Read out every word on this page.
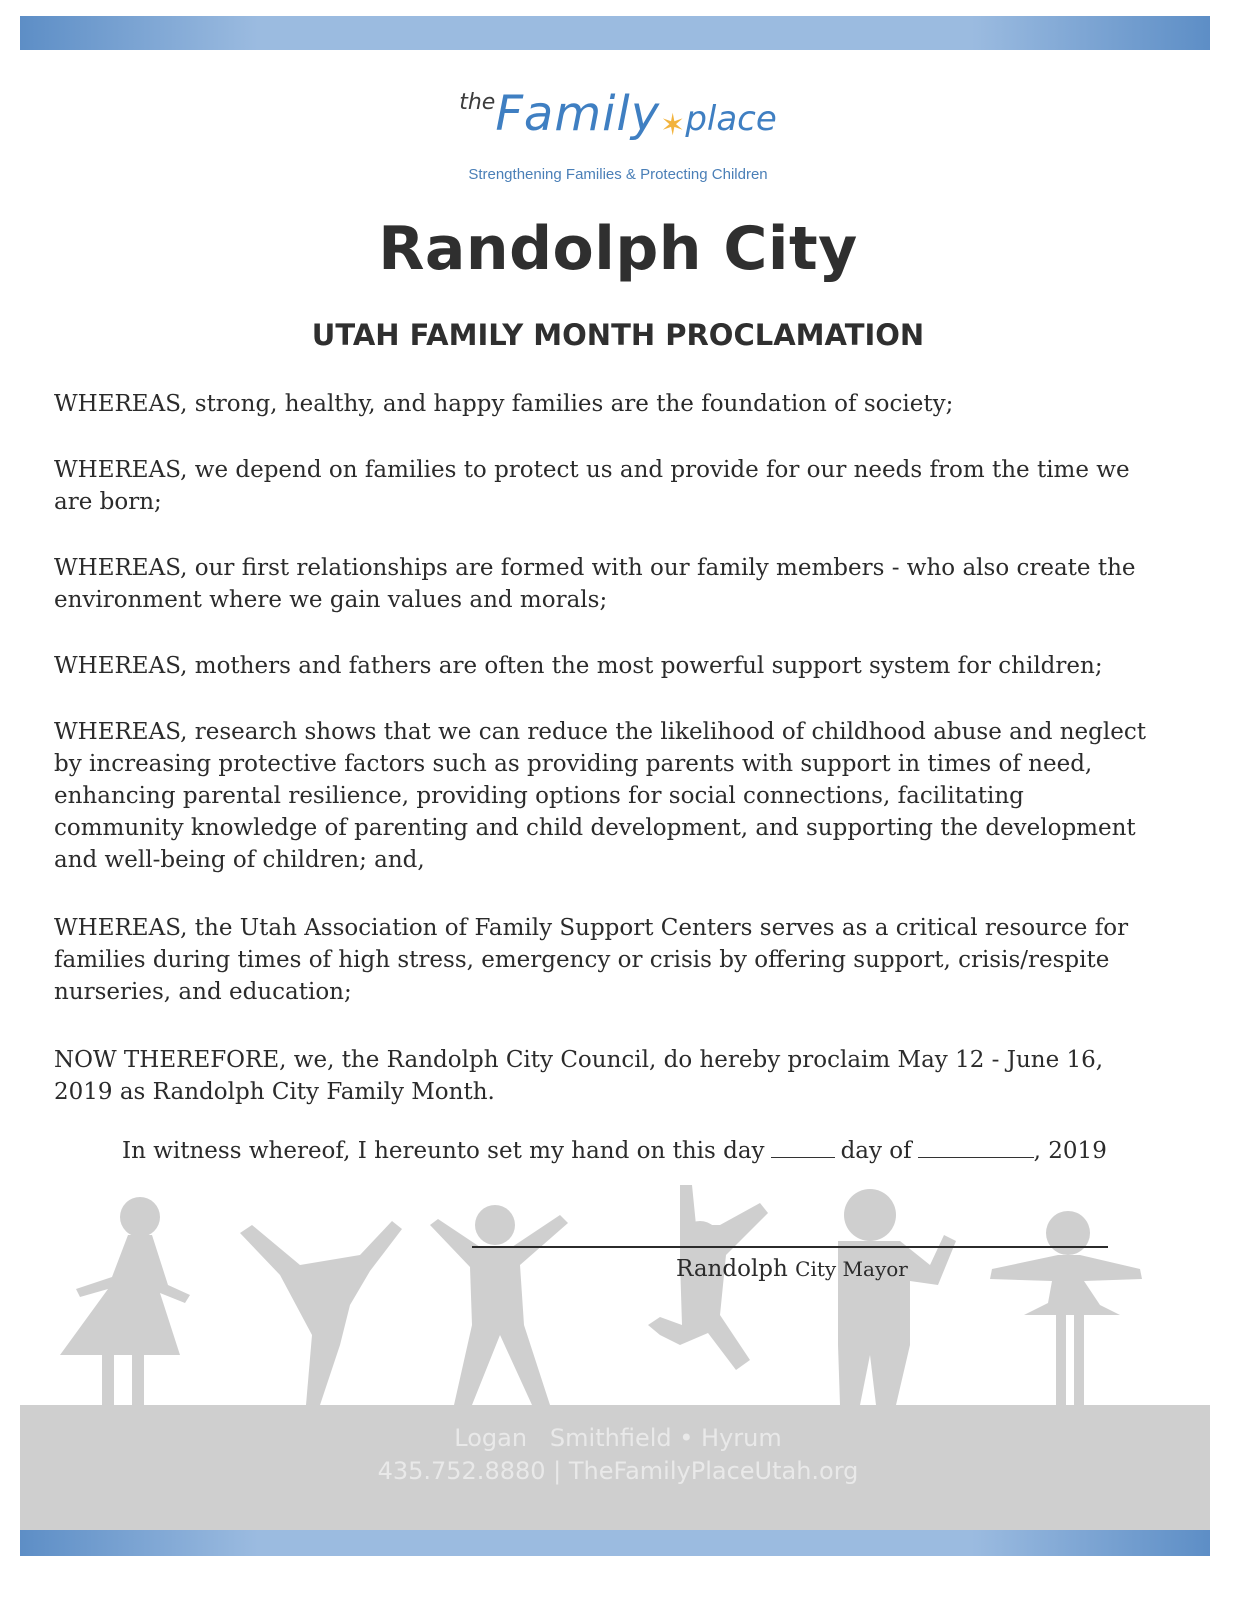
theFamily✶place
Strengthening Families & Protecting Children
Randolph City
UTAH FAMILY MONTH PROCLAMATION

WHEREAS, strong, healthy, and happy families are the foundation of society;

WHEREAS, we depend on families to protect us and provide for our needs from the time we are born;

WHEREAS, our first relationships are formed with our family members - who also create the environment where we gain values and morals;

WHEREAS, mothers and fathers are often the most powerful support system for children;

WHEREAS, research shows that we can reduce the likelihood of childhood abuse and neglect by increasing protective factors such as providing parents with support in times of need, enhancing parental resilience, providing options for social connections, facilitating community knowledge of parenting and child development, and supporting the development and well-being of children; and,

WHEREAS, the Utah Association of Family Support Centers serves as a critical resource for families during times of high stress, emergency or crisis by offering support, crisis/respite nurseries, and education;

NOW THEREFORE, we, the Randolph City Council, do hereby proclaim May 12 - June 16, 2019 as Randolph City Family Month.

In witness whereof, I hereunto set my hand on this day	day of	, 2019
Randolph City Mayor
Logan   Smithfield • Hyrum
435.752.8880 | TheFamilyPlaceUtah.org
